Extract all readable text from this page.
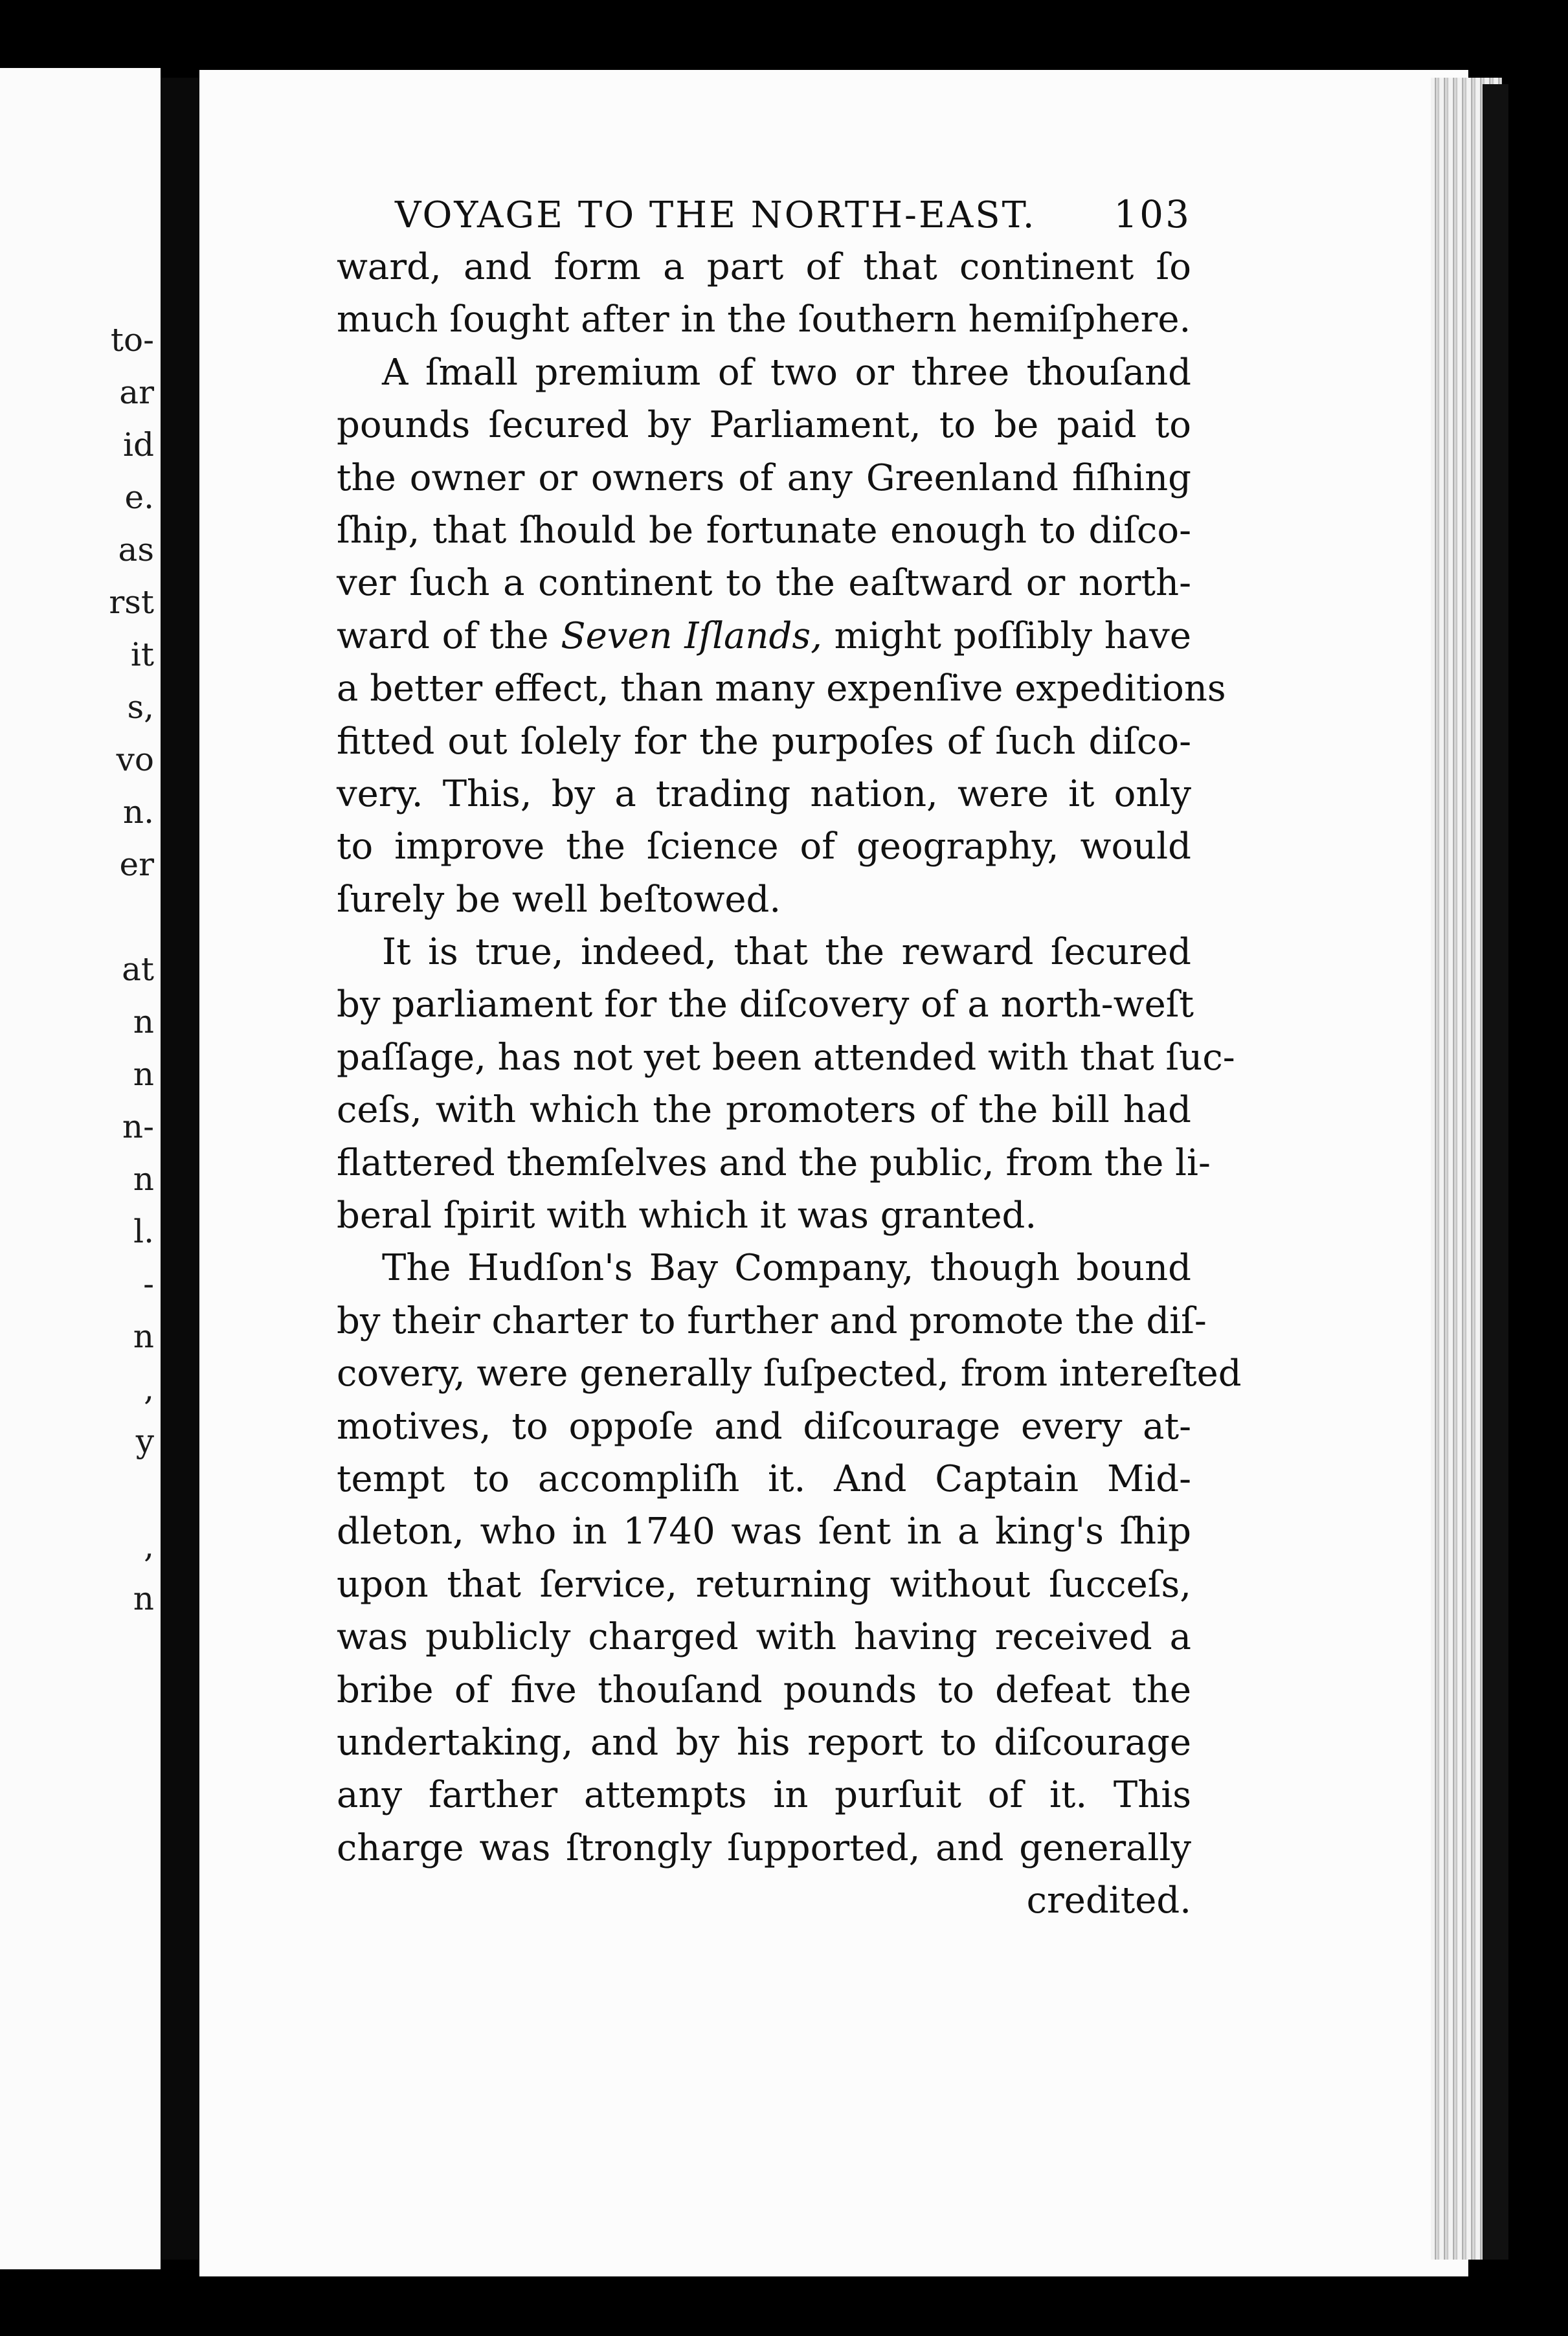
to-
ar
id
e.
as
rst
it
s,
vo
n.
er
at
n
n
n-
n
l.
-
n
,
y
,
n
VOYAGE TO THE NORTH-EAST. 103
ward, and form a part of that continent ſo
much ſought after in the ſouthern hemiſphere.
A ſmall premium of two or three thouſand
pounds ſecured by Parliament, to be paid to
the owner or owners of any Greenland fiſhing
ſhip, that ſhould be fortunate enough to diſco-
ver ſuch a continent to the eaſtward or north-
ward of the Seven Iſlands, might poſſibly have
a better effect, than many expenſive expeditions
fitted out ſolely for the purpoſes of ſuch diſco-
very. This, by a trading nation, were it only
to improve the ſcience of geography, would
ſurely be well beſtowed.
It is true, indeed, that the reward ſecured
by parliament for the diſcovery of a north-weſt
paſſage, has not yet been attended with that ſuc-
ceſs, with which the promoters of the bill had
flattered themſelves and the public, from the li-
beral ſpirit with which it was granted.
The Hudſon's Bay Company, though bound
by their charter to further and promote the diſ-
covery, were generally ſuſpected, from intereſted
motives, to oppoſe and diſcourage every at-
tempt to accompliſh it. And Captain Mid-
dleton, who in 1740 was ſent in a king's ſhip
upon that ſervice, returning without ſucceſs,
was publicly charged with having received a
bribe of five thouſand pounds to defeat the
undertaking, and by his report to diſcourage
any farther attempts in purſuit of it. This
charge was ſtrongly ſupported, and generally
credited.
